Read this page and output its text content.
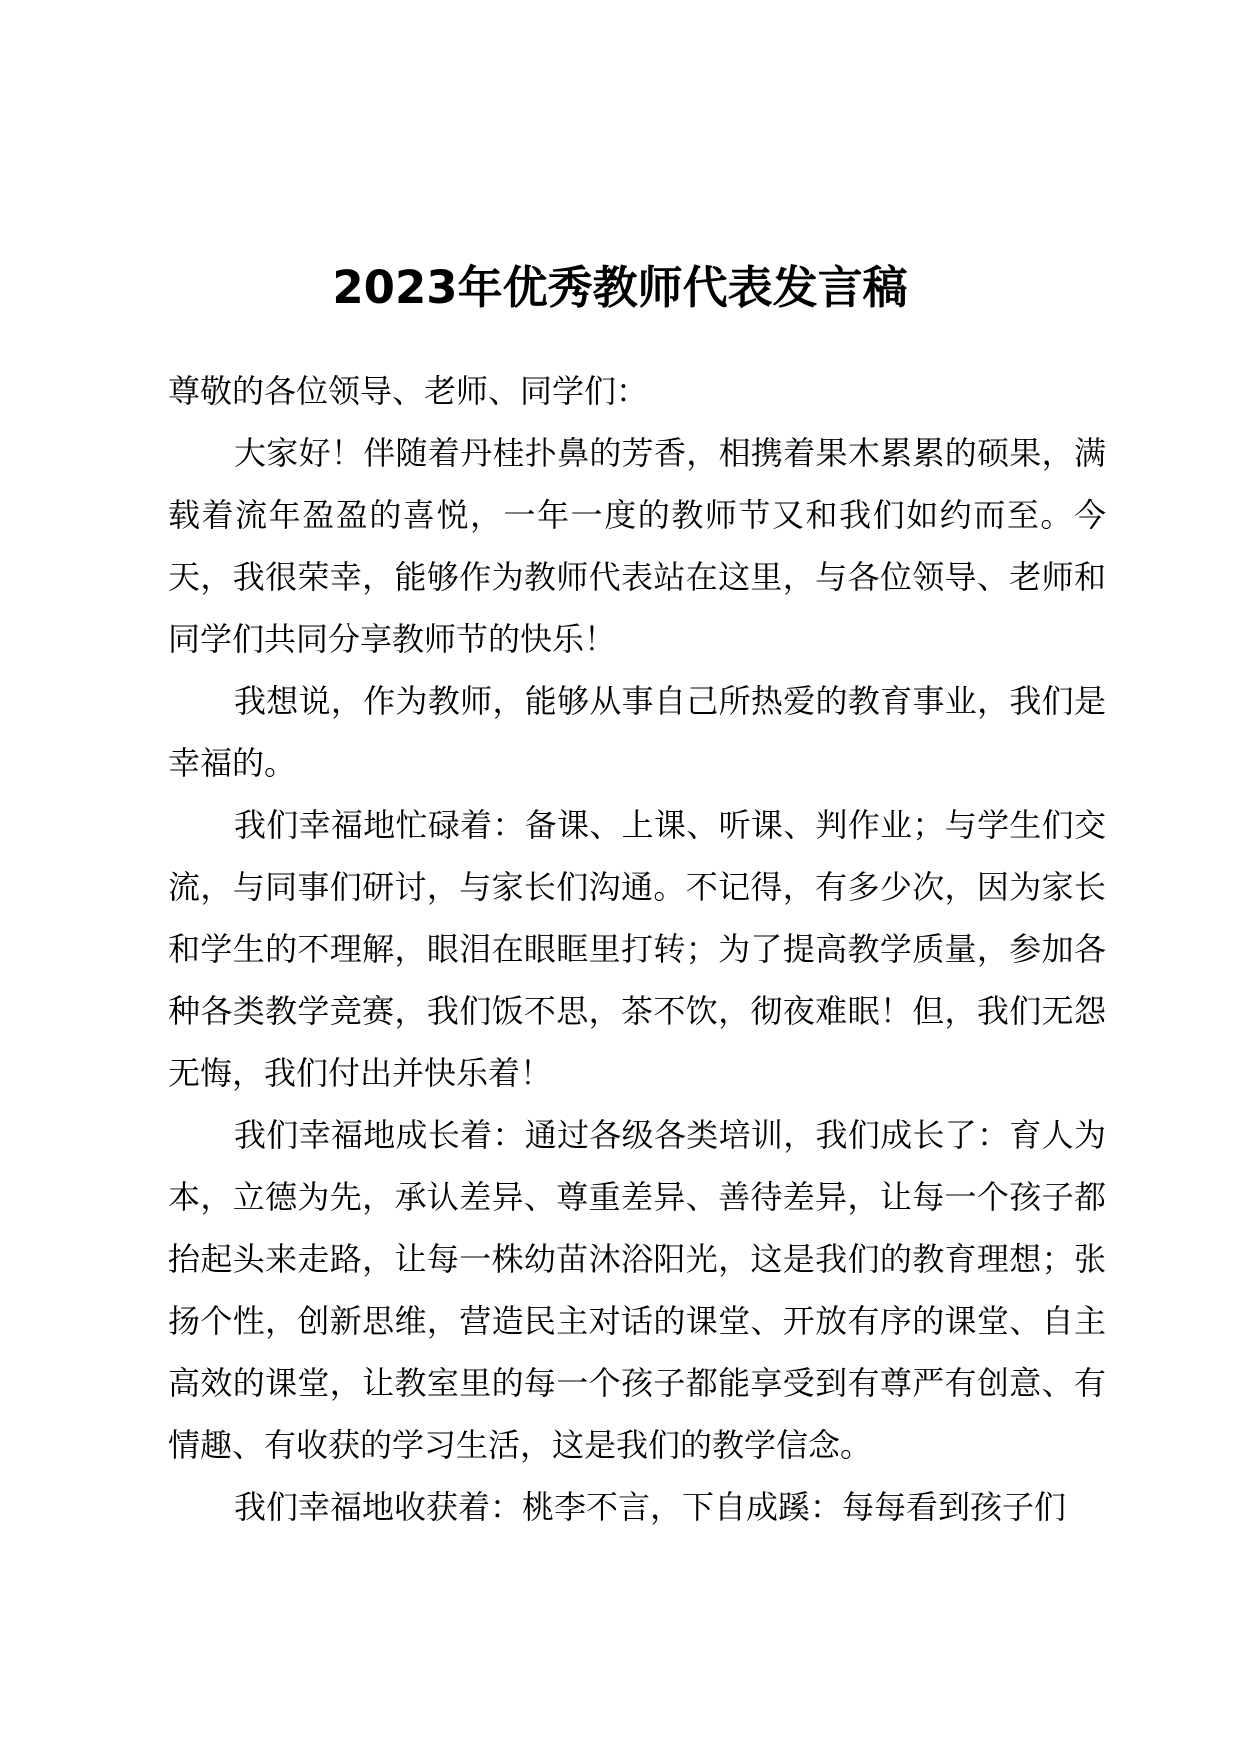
2023年优秀教师代表发言稿

尊敬的各位领导、老师、同学们：

大家好！伴随着丹桂扑鼻的芳香，相携着果木累累的硕果，满载着流年盈盈的喜悦，一年一度的教师节又和我们如约而至。今天，我很荣幸，能够作为教师代表站在这里，与各位领导、老师和同学们共同分享教师节的快乐！

我想说，作为教师，能够从事自己所热爱的教育事业，我们是幸福的。

我们幸福地忙碌着：备课、上课、听课、判作业；与学生们交流，与同事们研讨，与家长们沟通。不记得，有多少次，因为家长和学生的不理解，眼泪在眼眶里打转；为了提高教学质量，参加各种各类教学竞赛，我们饭不思，茶不饮，彻夜难眠！但，我们无怨无悔，我们付出并快乐着！

我们幸福地成长着：通过各级各类培训，我们成长了：育人为本，立德为先，承认差异、尊重差异、善待差异，让每一个孩子都抬起头来走路，让每一株幼苗沐浴阳光，这是我们的教育理想；张扬个性，创新思维，营造民主对话的课堂、开放有序的课堂、自主高效的课堂，让教室里的每一个孩子都能享受到有尊严有创意、有情趣、有收获的学习生活，这是我们的教学信念。

我们幸福地收获着：桃李不言，下自成蹊：每每看到孩子们
